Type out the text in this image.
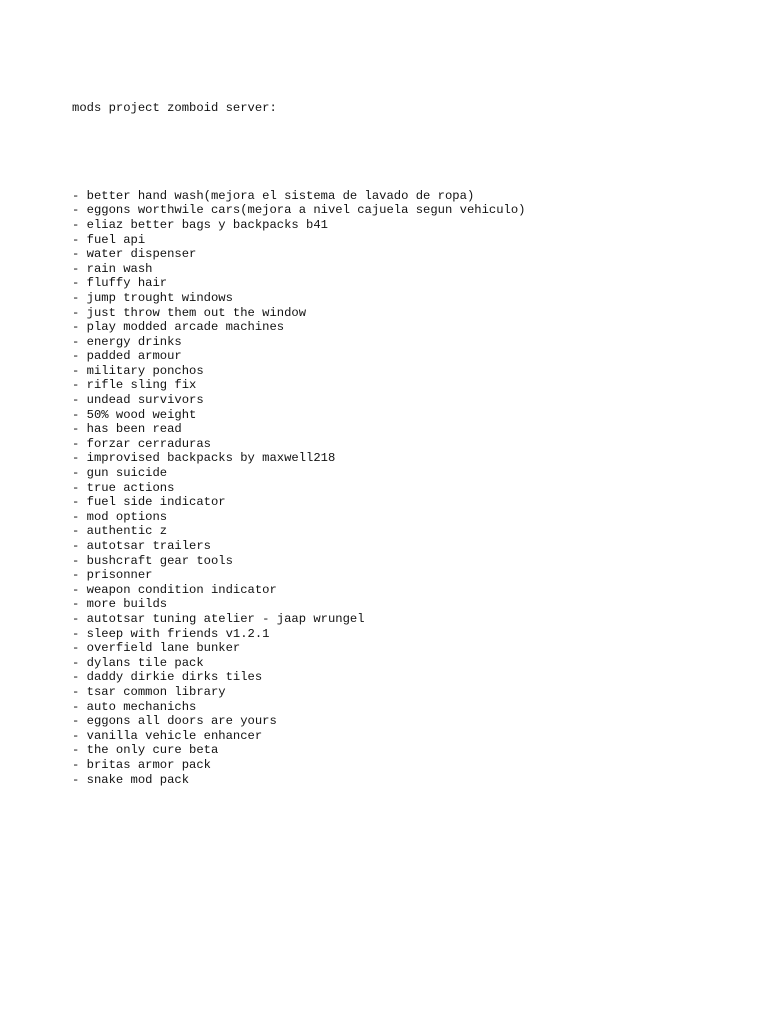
mods project zomboid server:

- better hand wash(mejora el sistema de lavado de ropa)
- eggons worthwile cars(mejora a nivel cajuela segun vehiculo)
- eliaz better bags y backpacks b41
- fuel api
- water dispenser
- rain wash
- fluffy hair
- jump trought windows
- just throw them out the window
- play modded arcade machines
- energy drinks
- padded armour
- military ponchos
- rifle sling fix
- undead survivors
- 50% wood weight
- has been read
- forzar cerraduras
- improvised backpacks by maxwell218
- gun suicide
- true actions
- fuel side indicator
- mod options
- authentic z
- autotsar trailers
- bushcraft gear tools
- prisonner
- weapon condition indicator
- more builds
- autotsar tuning atelier - jaap wrungel
- sleep with friends v1.2.1
- overfield lane bunker
- dylans tile pack
- daddy dirkie dirks tiles
- tsar common library
- auto mechanichs
- eggons all doors are yours
- vanilla vehicle enhancer
- the only cure beta
- britas armor pack
- snake mod pack
